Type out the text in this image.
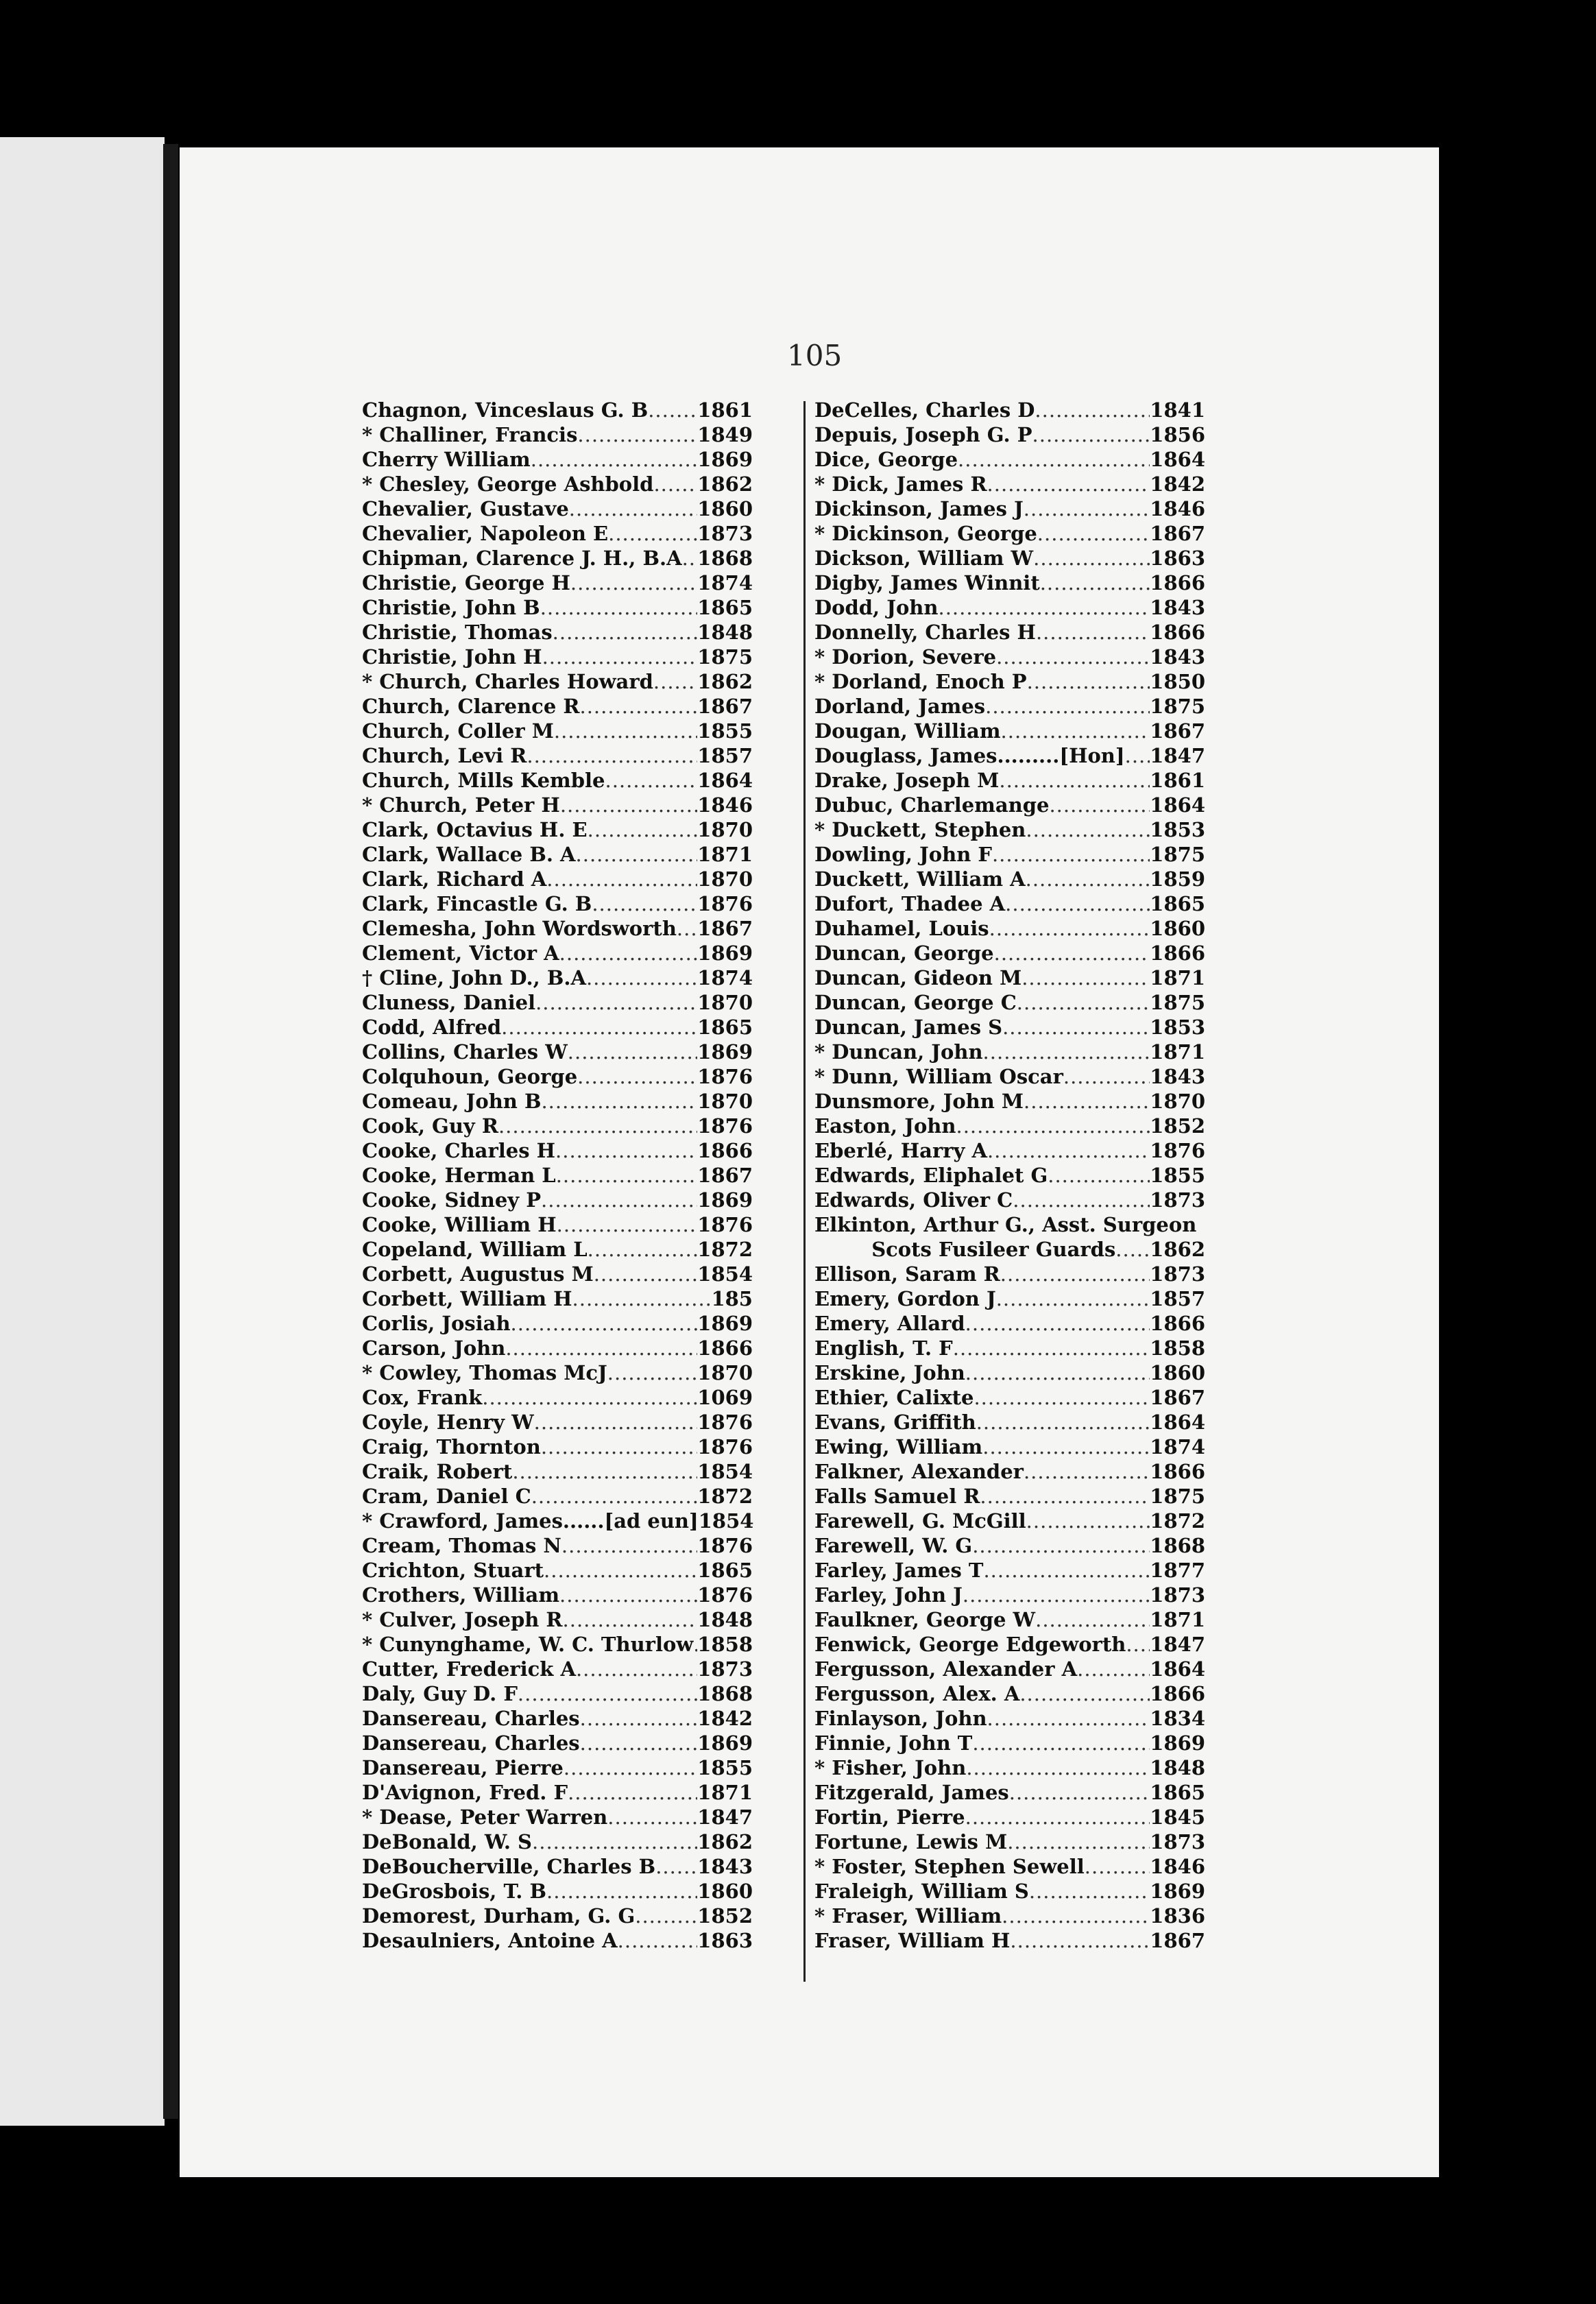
105
Chagnon, Vinceslaus G. B ..... 1861
* Challiner, Francis .....	1849
Cherry William .....	1869
* Chesley, George Ashbold ..... 1862
Chevalier, Gustave .....	1860
Chevalier, Napoleon E .....	1873
Chipman, Clarence J. H., B.A ..... 1868
Christie, George H .....	1874
Christie, John B .....	1865
Christie, Thomas .....	1848
Christie, John H .....	1875
* Church, Charles Howard ..... 1862
Church, Clarence R .....	1867
Church, Coller M .....	1855
Church, Levi R .....	1857
Church, Mills Kemble .....	1864
* Church, Peter H .....	1846
Clark, Octavius H. E .....	1870
Clark, Wallace B. A .....	1871
Clark, Richard A .....	1870
Clark, Fincastle G. B .....	1876
Clemesha, John Wordsworth ..... 1867
Clement, Victor A .....	1869
† Cline, John D., B.A .....	1874
Cluness, Daniel .....	1870
Codd, Alfred .....	1865
Collins, Charles W .....	1869
Colquhoun, George .....	1876
Comeau, John B .....	1870
Cook, Guy R .....	1876
Cooke, Charles H .....	1866
Cooke, Herman L .....	1867
Cooke, Sidney P .....	1869
Cooke, William H .....	1876
Copeland, William L .....	1872
Corbett, Augustus M .....	1854
Corbett, William H .....	185
Corlis, Josiah .....	1869
Carson, John .....	1866
* Cowley, Thomas McJ .....	1870
Cox, Frank .....	1069
Coyle, Henry W .....	1876
Craig, Thornton .....	1876
Craik, Robert .....	1854
Cram, Daniel C .....	1872
* Crawford, James......[ad eun] 1854
Cream, Thomas N .....	1876
Crichton, Stuart .....	1865
Crothers, William .....	1876
* Culver, Joseph R .....	1848
* Cunynghame, W. C. Thurlow ..... 1858
Cutter, Frederick A .....	1873
Daly, Guy D. F .....	1868
Dansereau, Charles .....	1842
Dansereau, Charles .....	1869
Dansereau, Pierre .....	1855
D'Avignon, Fred. F .....	1871
* Dease, Peter Warren .....	1847
DeBonald, W. S .....	1862
DeBoucherville, Charles B ..... 1843
DeGrosbois, T. B .....	1860
Demorest, Durham, G. G .....	1852
Desaulniers, Antoine A .....	1863
DeCelles, Charles D .....	1841
Depuis, Joseph G. P .....	1856
Dice, George .....	1864
* Dick, James R .....	1842
Dickinson, James J .....	1846
* Dickinson, George .....	1867
Dickson, William W .....	1863
Digby, James Winnit .....	1866
Dodd, John .....	1843
Donnelly, Charles H .....	1866
* Dorion, Severe .....	1843
* Dorland, Enoch P .....	1850
Dorland, James .....	1875
Dougan, William .....	1867
Douglass, James.........[Hon] ..... 1847
Drake, Joseph M .....	1861
Dubuc, Charlemange .....	1864
* Duckett, Stephen .....	1853
Dowling, John F .....	1875
Duckett, William A .....	1859
Dufort, Thadee A .....	1865
Duhamel, Louis .....	1860
Duncan, George .....	1866
Duncan, Gideon M .....	1871
Duncan, George C .....	1875
Duncan, James S .....	1853
* Duncan, John .....	1871
* Dunn, William Oscar .....	1843
Dunsmore, John M .....	1870
Easton, John .....	1852
Eberlé, Harry A .....	1876
Edwards, Eliphalet G .....	1855
Edwards, Oliver C .....	1873
Elkinton, Arthur G., Asst. Surgeon
Scots Fusileer Guards ..... 1862
Ellison, Saram R .....	1873
Emery, Gordon J .....	1857
Emery, Allard .....	1866
English, T. F .....	1858
Erskine, John .....	1860
Ethier, Calixte .....	1867
Evans, Griffith .....	1864
Ewing, William .....	1874
Falkner, Alexander .....	1866
Falls Samuel R .....	1875
Farewell, G. McGill .....	1872
Farewell, W. G .....	1868
Farley, James T .....	1877
Farley, John J .....	1873
Faulkner, George W .....	1871
Fenwick, George Edgeworth ..... 1847
Fergusson, Alexander A .....	1864
Fergusson, Alex. A .....	1866
Finlayson, John .....	1834
Finnie, John T .....	1869
* Fisher, John .....	1848
Fitzgerald, James .....	1865
Fortin, Pierre .....	1845
Fortune, Lewis M .....	1873
* Foster, Stephen Sewell .....	1846
Fraleigh, William S .....	1869
* Fraser, William .....	1836
Fraser, William H .....	1867
